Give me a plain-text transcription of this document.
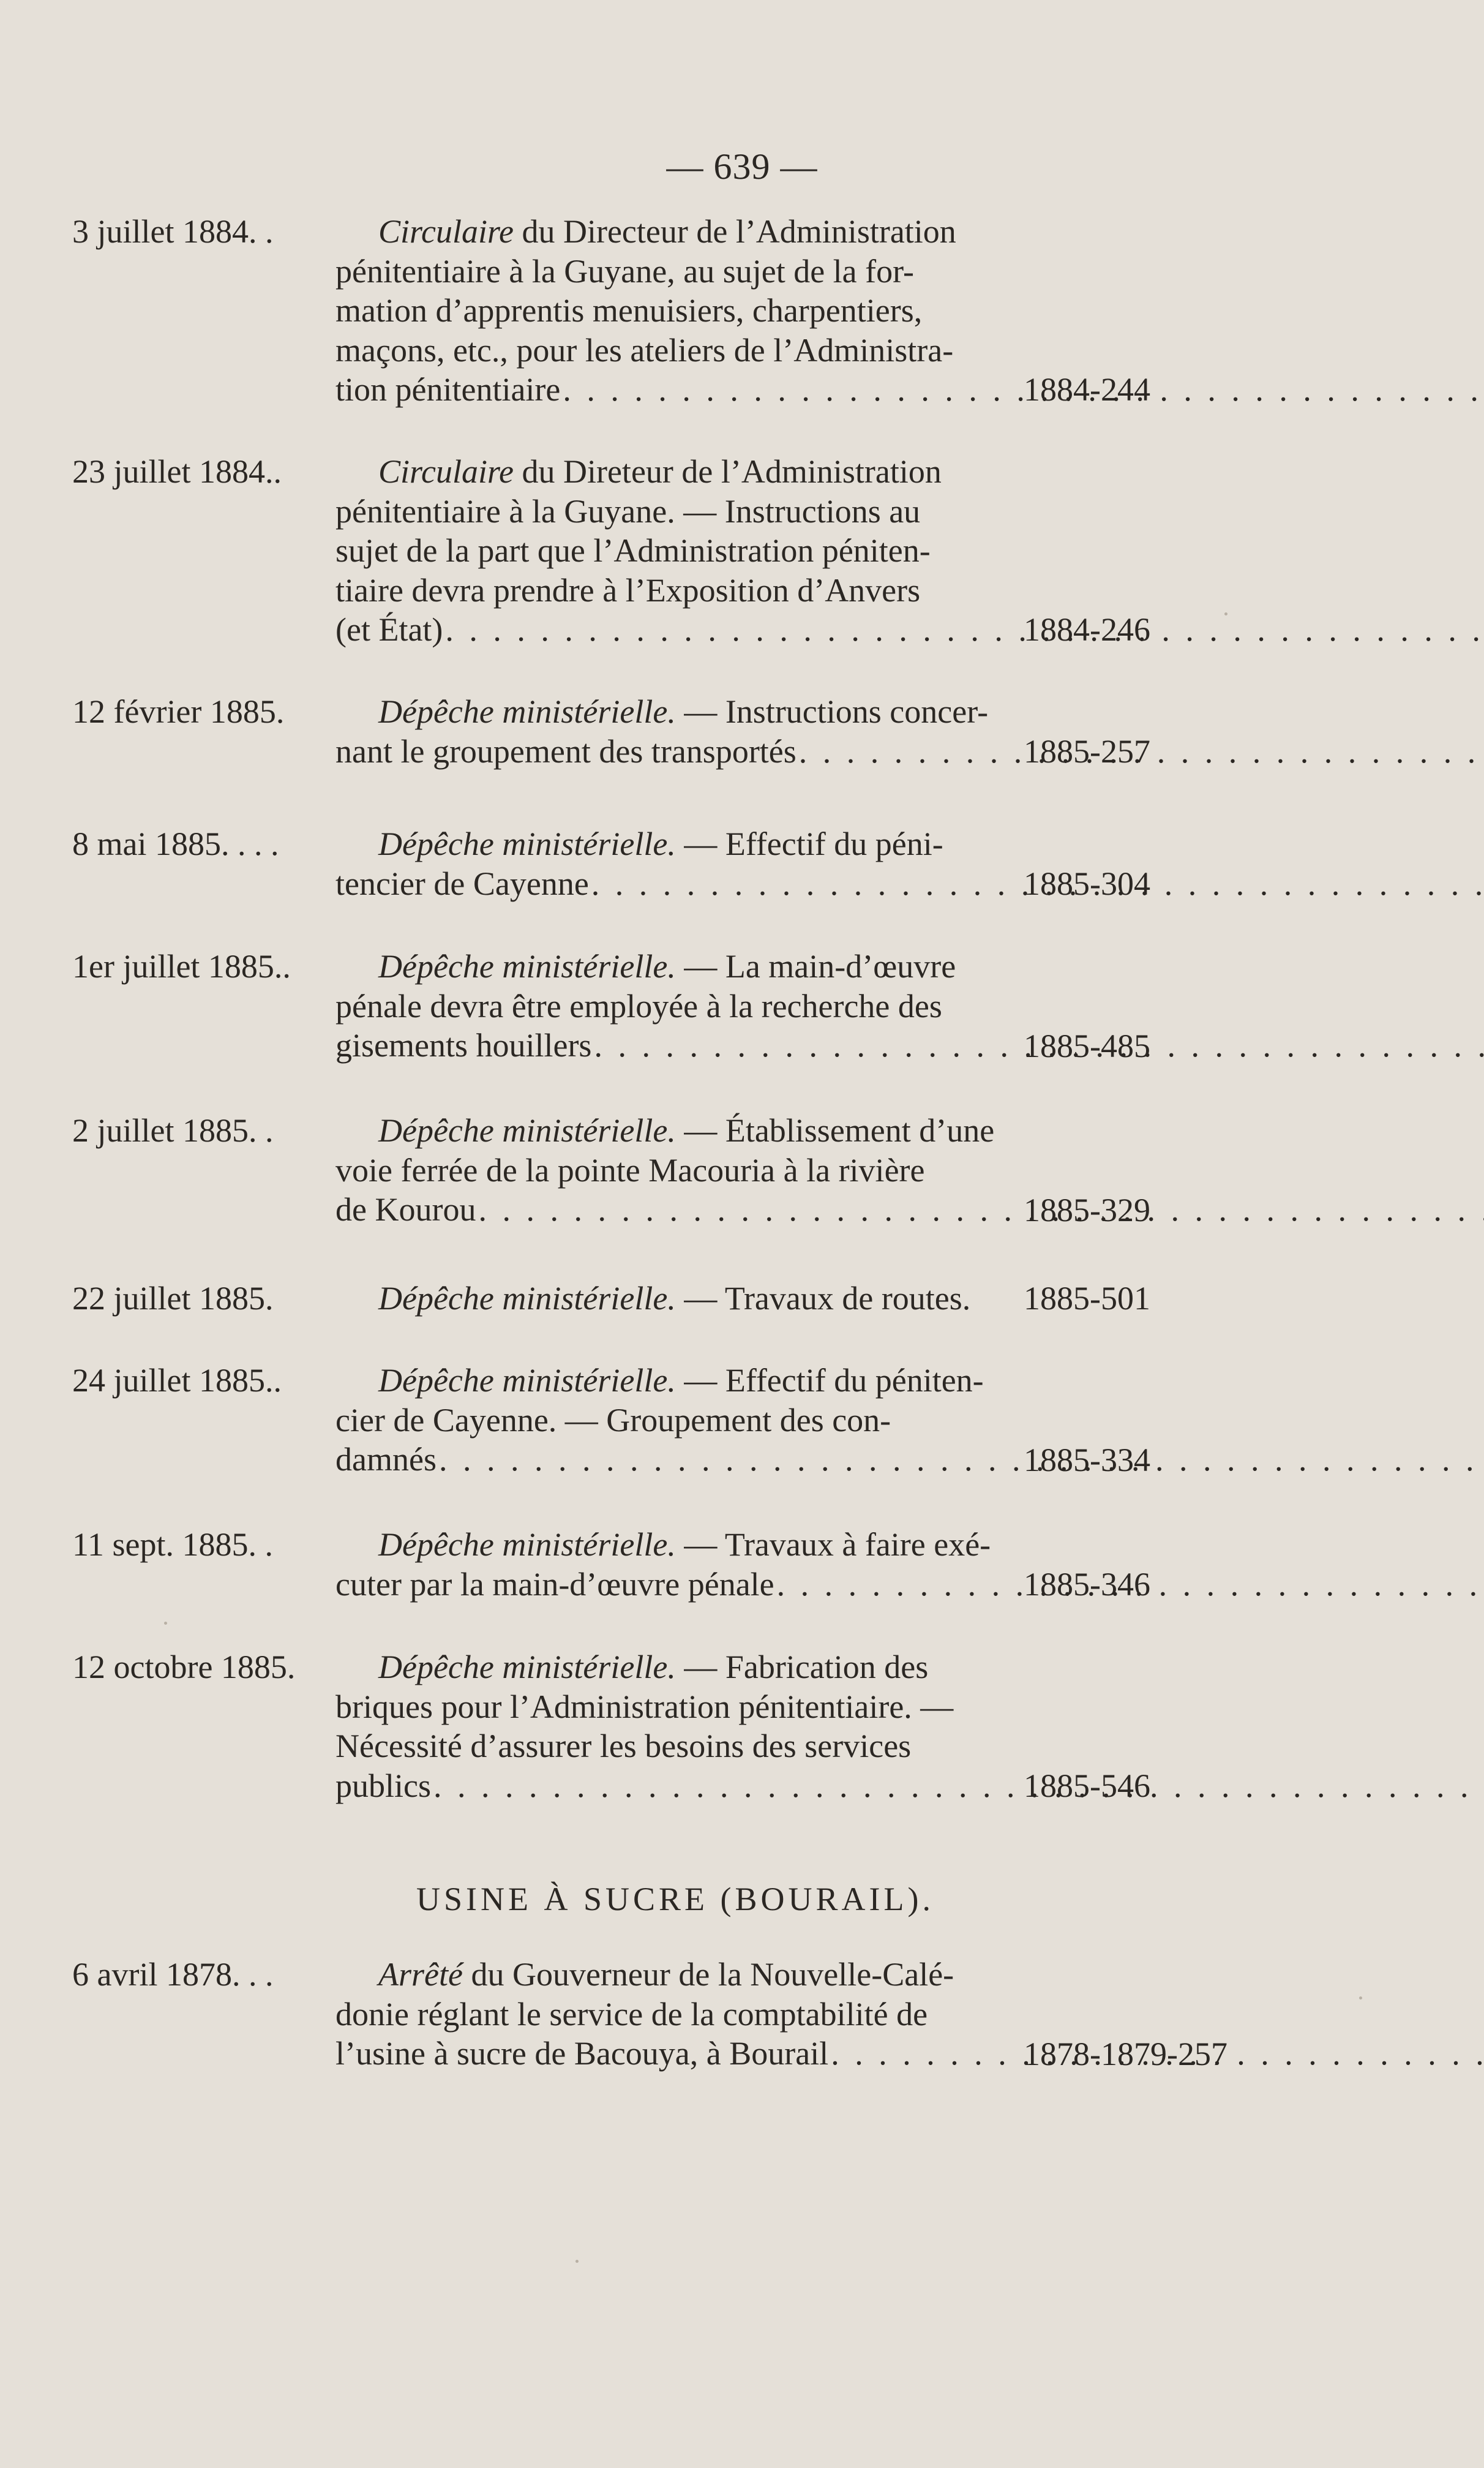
— 639 —
3 juillet 1884. .	Circulaire du Directeur de l’Administration
pénitentiaire à la Guyane, au sujet de la for-
mation d’apprentis menuisiers, charpentiers,
maçons, etc., pour les ateliers de l’Administra-
tion pénitentiaire . . .	1884-244
23 juillet 1884..	Circulaire du Direteur de l’Administration
pénitentiaire à la Guyane. — Instructions au
sujet de la part que l’Administration péniten-
tiaire devra prendre à l’Exposition d’Anvers
(et État) . . .	1884-246
12 février 1885.	Dépêche ministérielle. — Instructions concer-
nant le groupement des transportés . . .	1885-257
8 mai 1885. . . .	Dépêche ministérielle. — Effectif du péni-
tencier de Cayenne . . .	1885-304
1er juillet 1885..	Dépêche ministérielle. — La main-d’œuvre
pénale devra être employée à la recherche des
gisements houillers . . .	1885-485
2 juillet 1885. .	Dépêche ministérielle. — Établissement d’une
voie ferrée de la pointe Macouria à la rivière
de Kourou . . .	1885-329
22 juillet 1885.	Dépêche ministérielle. — Travaux de routes.	1885-501
24 juillet 1885..	Dépêche ministérielle. — Effectif du péniten-
cier de Cayenne. — Groupement des con-
damnés . . .	1885-334
11 sept. 1885. .	Dépêche ministérielle. — Travaux à faire exé-
cuter par la main-d’œuvre pénale . . .	1885-346
12 octobre 1885.	Dépêche ministérielle. — Fabrication des
briques pour l’Administration pénitentiaire. —
Nécessité d’assurer les besoins des services
publics . . .	1885-546
USINE À SUCRE (BOURAIL).
6 avril 1878. . .	Arrêté du Gouverneur de la Nouvelle-Calé-
donie réglant le service de la comptabilité de
l’usine à sucre de Bacouya, à Bourail . . .	1878-1879-257
